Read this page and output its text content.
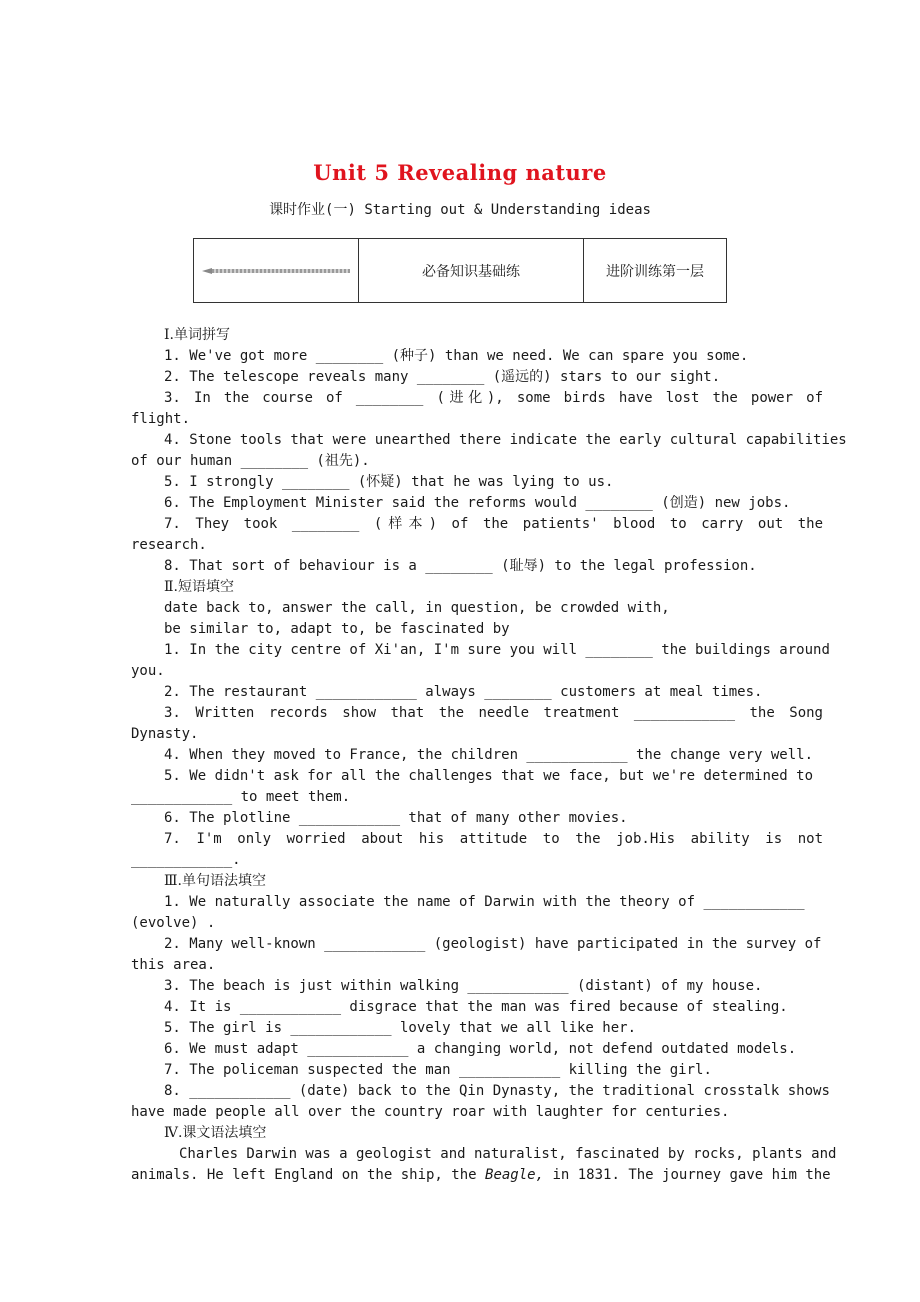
Unit 5 Revealing nature
课时作业(一) Starting out & Understanding ideas
	必备知识基础练	进阶训练第一层
Ⅰ.单词拼写
1. We've got more ________ (种子) than we need. We can spare you some.
2. The telescope reveals many ________ (遥远的) stars to our sight.
3. In the course of ________ (进化), some birds have lost the power of
flight.
4. Stone tools that were unearthed there indicate the early cultural capabilities
of our human ________ (祖先).
5. I strongly ________ (怀疑) that he was lying to us.
6. The Employment Minister said the reforms would ________ (创造) new jobs.
7. They took ________ (样本) of the patients' blood to carry out the
research.
8. That sort of behaviour is a ________ (耻辱) to the legal profession.
Ⅱ.短语填空
date back to, answer the call, in question, be crowded with,
be similar to, adapt to, be fascinated by
1. In the city centre of Xi'an, I'm sure you will ________ the buildings around
you.
2. The restaurant ____________ always ________ customers at meal times.
3. Written records show that the needle treatment ____________ the Song
Dynasty.
4. When they moved to France, the children ____________ the change very well.
5. We didn't ask for all the challenges that we face, but we're determined to
____________ to meet them.
6. The plotline ____________ that of many other movies.
7. I'm only worried about his attitude to the job.His ability is not
____________.
Ⅲ.单句语法填空
1. We naturally associate the name of Darwin with the theory of ____________
(evolve) .
2. Many well-known ____________ (geologist) have participated in the survey of
this area.
3. The beach is just within walking ____________ (distant) of my house.
4. It is ____________ disgrace that the man was fired because of stealing.
5. The girl is ____________ lovely that we all like her.
6. We must adapt ____________ a changing world, not defend outdated models.
7. The policeman suspected the man ____________ killing the girl.
8. ____________ (date) back to the Qin Dynasty, the traditional crosstalk shows
have made people all over the country roar with laughter for centuries.
Ⅳ.课文语法填空
Charles Darwin was a geologist and naturalist, fascinated by rocks, plants and
animals. He left England on the ship, the Beagle, in 1831. The journey gave him the
